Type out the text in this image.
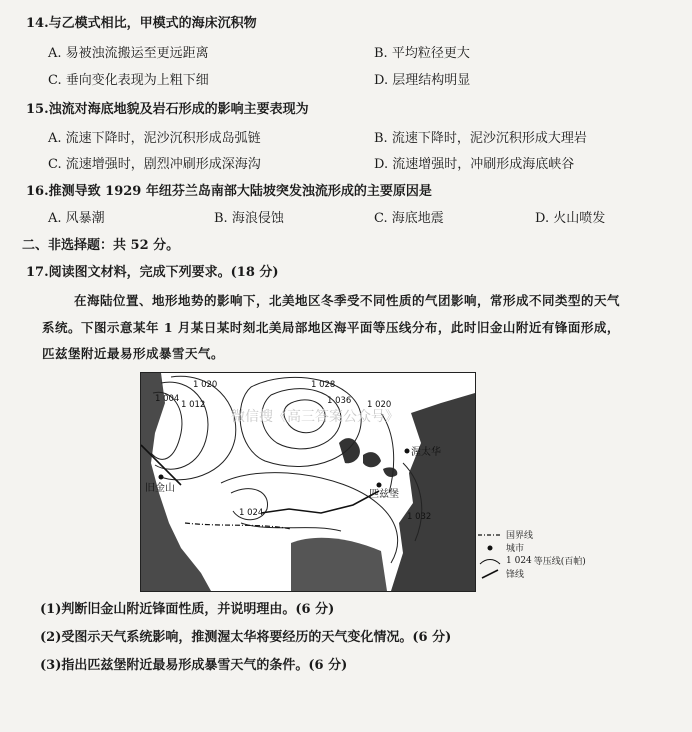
14.与乙模式相比，甲模式的海床沉积物
A. 易被浊流搬运至更远距离	B. 平均粒径更大
C. 垂向变化表现为上粗下细	D. 层理结构明显
15.浊流对海底地貌及岩石形成的影响主要表现为
A. 流速下降时，泥沙沉积形成岛弧链	B. 流速下降时，泥沙沉积形成大理岩
C. 流速增强时，剧烈冲刷形成深海沟	D. 流速增强时，冲刷形成海底峡谷
16.推测导致 1929 年纽芬兰岛南部大陆坡突发浊流形成的主要原因是
A. 风暴潮	B. 海浪侵蚀	C. 海底地震	D. 火山喷发
二、非选择题：共 52 分。
17.阅读图文材料，完成下列要求。(18 分)
在海陆位置、地形地势的影响下，北美地区冬季受不同性质的气团影响，常形成不同类型的天气
系统。下图示意某年 1 月某日某时刻北美局部地区海平面等压线分布，此时旧金山附近有锋面形成，
匹兹堡附近最易形成暴雪天气。
1 004
1 020
1 012
1 028
1 036 1 020
1 024	1 032
旧金山
渥太华
匹兹堡
微信搜《高三答案公众号》
国界线
城市
1 024 等压线(百帕)
锋线
(1)判断旧金山附近锋面性质，并说明理由。(6 分)
(2)受图示天气系统影响，推测渥太华将要经历的天气变化情况。(6 分)
(3)指出匹兹堡附近最易形成暴雪天气的条件。(6 分)
